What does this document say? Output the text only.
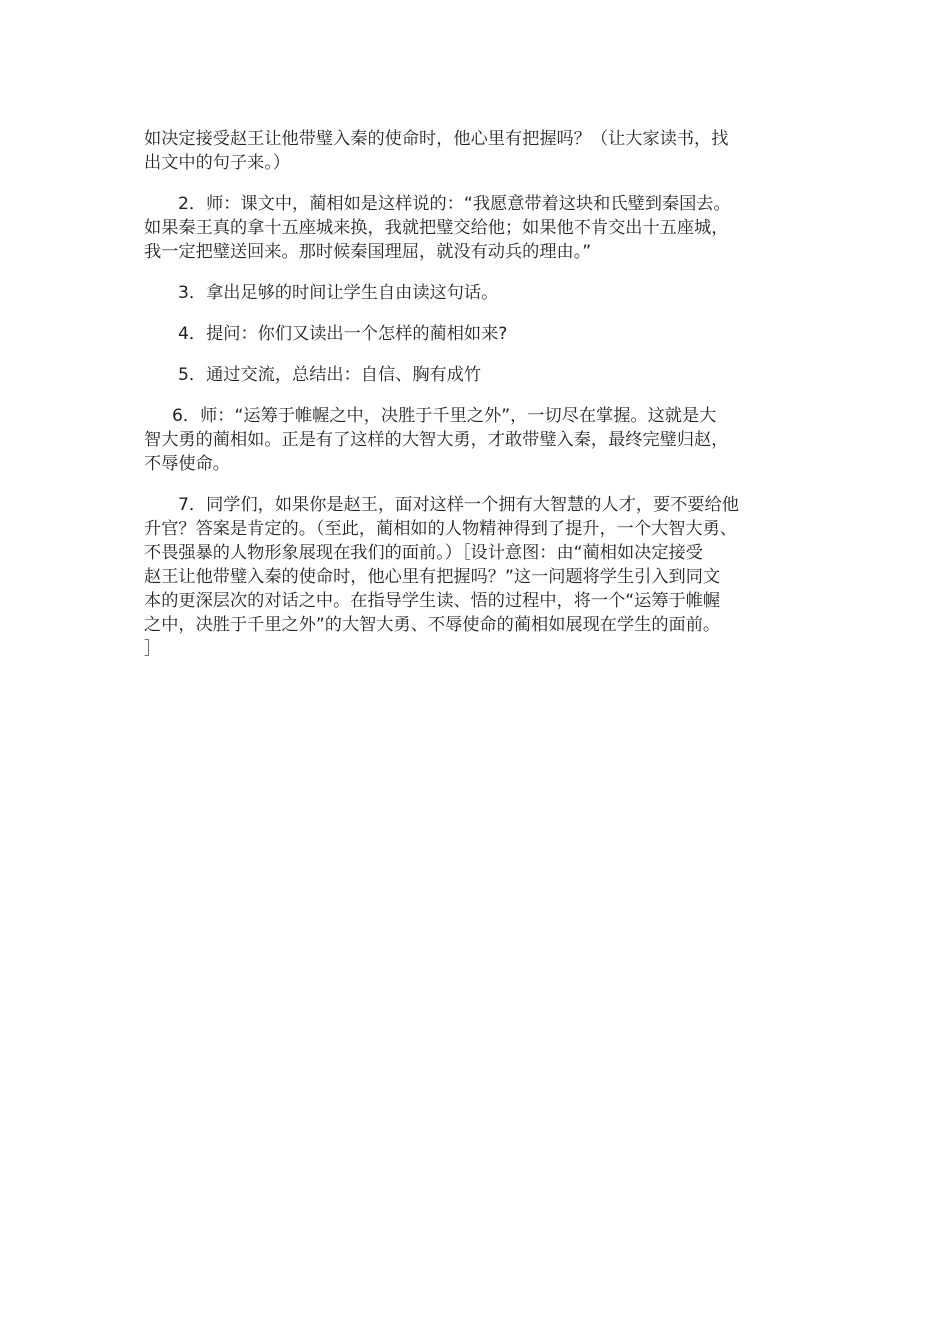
如决定接受赵王让他带璧入秦的使命时，他心里有把握吗？（让大家读书，找
出文中的句子来。）

2．师：课文中，蔺相如是这样说的：“我愿意带着这块和氏璧到秦国去。
如果秦王真的拿十五座城来换，我就把璧交给他；如果他不肯交出十五座城，
我一定把璧送回来。那时候秦国理屈，就没有动兵的理由。”

3．拿出足够的时间让学生自由读这句话。

4．提问：你们又读出一个怎样的蔺相如来?

5．通过交流，总结出：自信、胸有成竹

6．师：“运筹于帷幄之中，决胜于千里之外”，一切尽在掌握。这就是大
智大勇的蔺相如。正是有了这样的大智大勇，才敢带璧入秦，最终完璧归赵，
不辱使命。

7．同学们，如果你是赵王，面对这样一个拥有大智慧的人才，要不要给他
升官？答案是肯定的。（至此，蔺相如的人物精神得到了提升，一个大智大勇、
不畏强暴的人物形象展现在我们的面前。）［设计意图：由“蔺相如决定接受
赵王让他带璧入秦的使命时，他心里有把握吗？”这一问题将学生引入到同文
本的更深层次的对话之中。在指导学生读、悟的过程中，将一个“运筹于帷幄
之中，决胜于千里之外”的大智大勇、不辱使命的蔺相如展现在学生的面前。
］
